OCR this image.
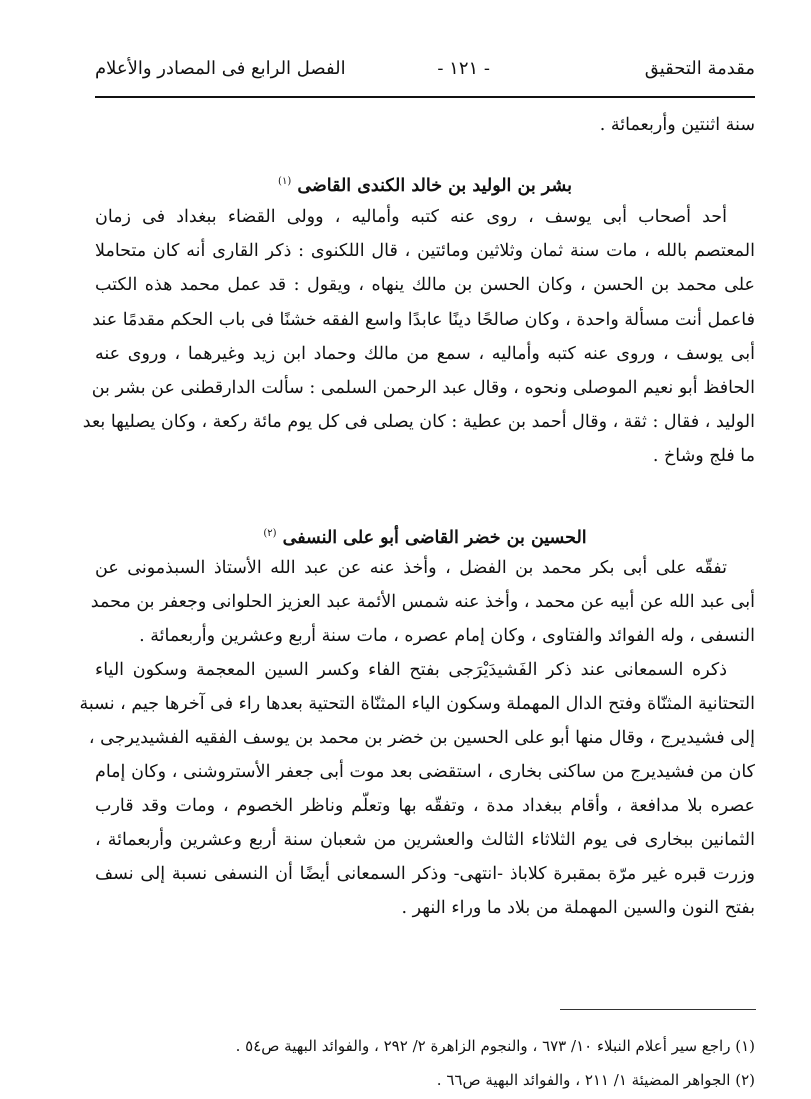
مقدمة التحقيق
- ١٢١ -
الفصل الرابع فى المصادر والأعلام
سنة اثنتين وأربعمائة .
بشر بن الوليد بن خالد الكندى القاضى $^{(١)}$
أحد أصحاب أبى يوسف ، روى عنه كتبه وأماليه ، وولى القضاء ببغداد فى زمان
المعتصم بالله ، مات سنة ثمان وثلاثين ومائتين ، قال اللكنوى : ذكر القارى أنه كان متحاملا
على محمد بن الحسن ، وكان الحسن بن مالك ينهاه ، ويقول : قد عمل محمد هذه الكتب
فاعمل أنت مسألة واحدة ، وكان صالحًا دينًا عابدًا واسع الفقه خشنًا فى باب الحكم مقدمًا عند
أبى يوسف ، وروى عنه كتبه وأماليه ، سمع من مالك وحماد ابن زيد وغيرهما ، وروى عنه
الحافظ أبو نعيم الموصلى ونحوه ، وقال عبد الرحمن السلمى : سألت الدارقطنى عن بشر بن
الوليد ، فقال : ثقة ، وقال أحمد بن عطية : كان يصلى فى كل يوم مائة ركعة ، وكان يصليها بعد
ما فلج وشاخ .
الحسين بن خضر القاضى أبو على النسفى $^{(٢)}$
تفقّه على أبى بكر محمد بن الفضل ، وأخذ عنه عن عبد الله الأستاذ السبذمونى عن
أبى عبد الله عن أبيه عن محمد ، وأخذ عنه شمس الأئمة عبد العزيز الحلوانى وجعفر بن محمد
النسفى ، وله الفوائد والفتاوى ، وكان إمام عصره ، مات سنة أربع وعشرين وأربعمائة .
ذكره السمعانى عند ذكر الفَشيدَيْرَجى بفتح الفاء وكسر السين المعجمة وسكون الياء
التحتانية المثنّاة وفتح الدال المهملة وسكون الياء المثنّاة التحتية بعدها راء فى آخرها جيم ، نسبة
إلى فشيديرج ، وقال منها أبو على الحسين بن خضر بن محمد بن يوسف الفقيه الفشيديرجى ،
كان من فشيديرج من ساكنى بخارى ، استقضى بعد موت أبى جعفر الأستروشنى ، وكان إمام
عصره بلا مدافعة ، وأقام ببغداد مدة ، وتفقّه بها وتعلّم وناظر الخصوم ، ومات وقد قارب
الثمانين ببخارى فى يوم الثلاثاء الثالث والعشرين من شعبان سنة أربع وعشرين وأربعمائة ،
وزرت قبره غير مرّة بمقبرة كلاباذ -انتهى- وذكر السمعانى أيضًا أن النسفى نسبة إلى نسف
بفتح النون والسين المهملة من بلاد ما وراء النهر .
(١) راجع سير أعلام النبلاء ١٠/ ٦٧٣ ، والنجوم الزاهرة ٢/ ٢٩٢ ، والفوائد البهية ص٥٤ .
(٢) الجواهر المضيئة ١/ ٢١١ ، والفوائد البهية ص٦٦ .
